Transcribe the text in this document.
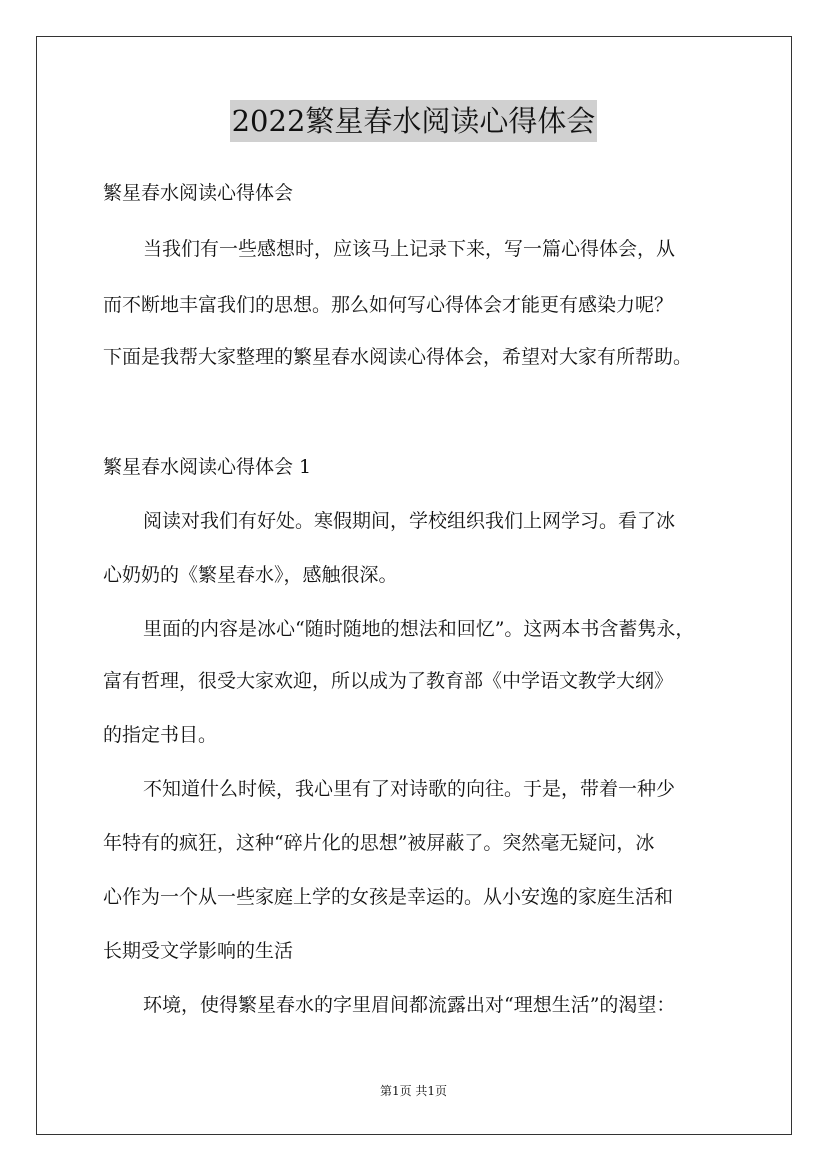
2022繁星春水阅读心得体会
繁星春水阅读心得体会
当我们有一些感想时，应该马上记录下来，写一篇心得体会，从
而不断地丰富我们的思想。那么如何写心得体会才能更有感染力呢？
下面是我帮大家整理的繁星春水阅读心得体会，希望对大家有所帮助。
繁星春水阅读心得体会 1
阅读对我们有好处。寒假期间，学校组织我们上网学习。看了冰
心奶奶的《繁星春水》，感触很深。
里面的内容是冰心“随时随地的想法和回忆”。这两本书含蓄隽永，
富有哲理，很受大家欢迎，所以成为了教育部《中学语文教学大纲》
的指定书目。
不知道什么时候，我心里有了对诗歌的向往。于是，带着一种少
年特有的疯狂，这种“碎片化的思想”被屏蔽了。突然毫无疑问，冰
心作为一个从一些家庭上学的女孩是幸运的。从小安逸的家庭生活和
长期受文学影响的生活
环境，使得繁星春水的字里眉间都流露出对“理想生活”的渴望：
第1页 共1页
